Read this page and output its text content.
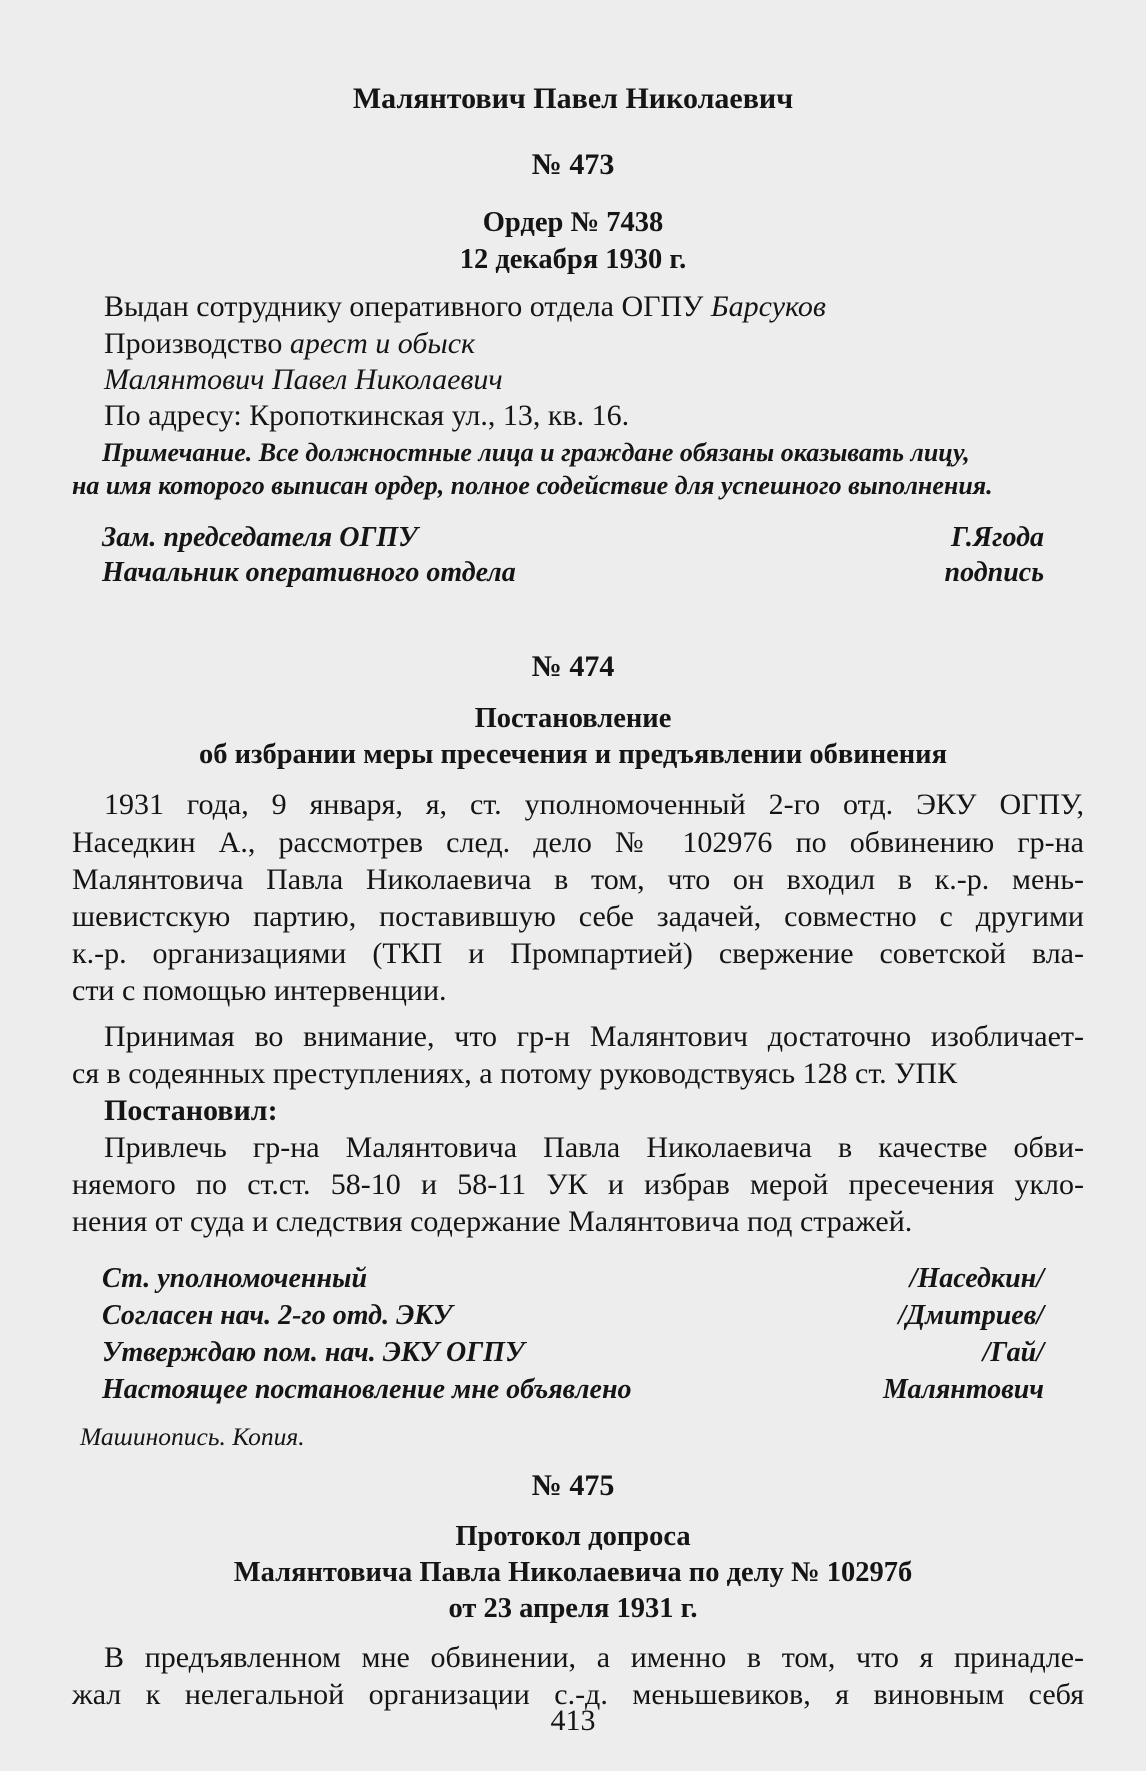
Малянтович Павел Николаевич
№ 473
Ордер № 7438
12 декабря 1930 г.
Выдан сотруднику оперативного отдела ОГПУ Барсуков
Производство арест и обыск
Малянтович Павел Николаевич
По адресу: Кропоткинская ул., 13, кв. 16.
Примечание. Все должностные лица и граждане обязаны оказывать лицу,
на имя которого выписан ордер, полное содействие для успешного выполнения.
Зам. председателя ОГПУ	Г.Ягода
Начальник оперативного отдела	подпись
№ 474
Постановление
об избрании меры пресечения и предъявлении обвинения
1931 года, 9 января, я, ст. уполномоченный 2-го отд. ЭКУ ОГПУ,
Наседкин А., рассмотрев след. дело № 102976 по обвинению гр-на
Малянтовича Павла Николаевича в том, что он входил в к.-р. мень-
шевистскую партию, поставившую себе задачей, совместно с другими
к.-р. организациями (ТКП и Промпартией) свержение советской вла-
сти с помощью интервенции.
Принимая во внимание, что гр-н Малянтович достаточно изобличает-
ся в содеянных преступлениях, а потому руководствуясь 128 ст. УПК
Постановил:
Привлечь гр-на Малянтовича Павла Николаевича в качестве обви-
няемого по ст.ст. 58-10 и 58-11 УК и избрав мерой пресечения укло-
нения от суда и следствия содержание Малянтовича под стражей.
Ст. уполномоченный	/Наседкин/
Согласен нач. 2-го отд. ЭКУ	/Дмитриев/
Утверждаю пом. нач. ЭКУ ОГПУ	/Гай/
Настоящее постановление мне объявлено	Малянтович
Машинопись. Копия.
№ 475
Протокол допроса
Малянтовича Павла Николаевича по делу № 10297б
от 23 апреля 1931 г.
В предъявленном мне обвинении, а именно в том, что я принадле-
жал к нелегальной организации с.-д. меньшевиков, я виновным себя
413
